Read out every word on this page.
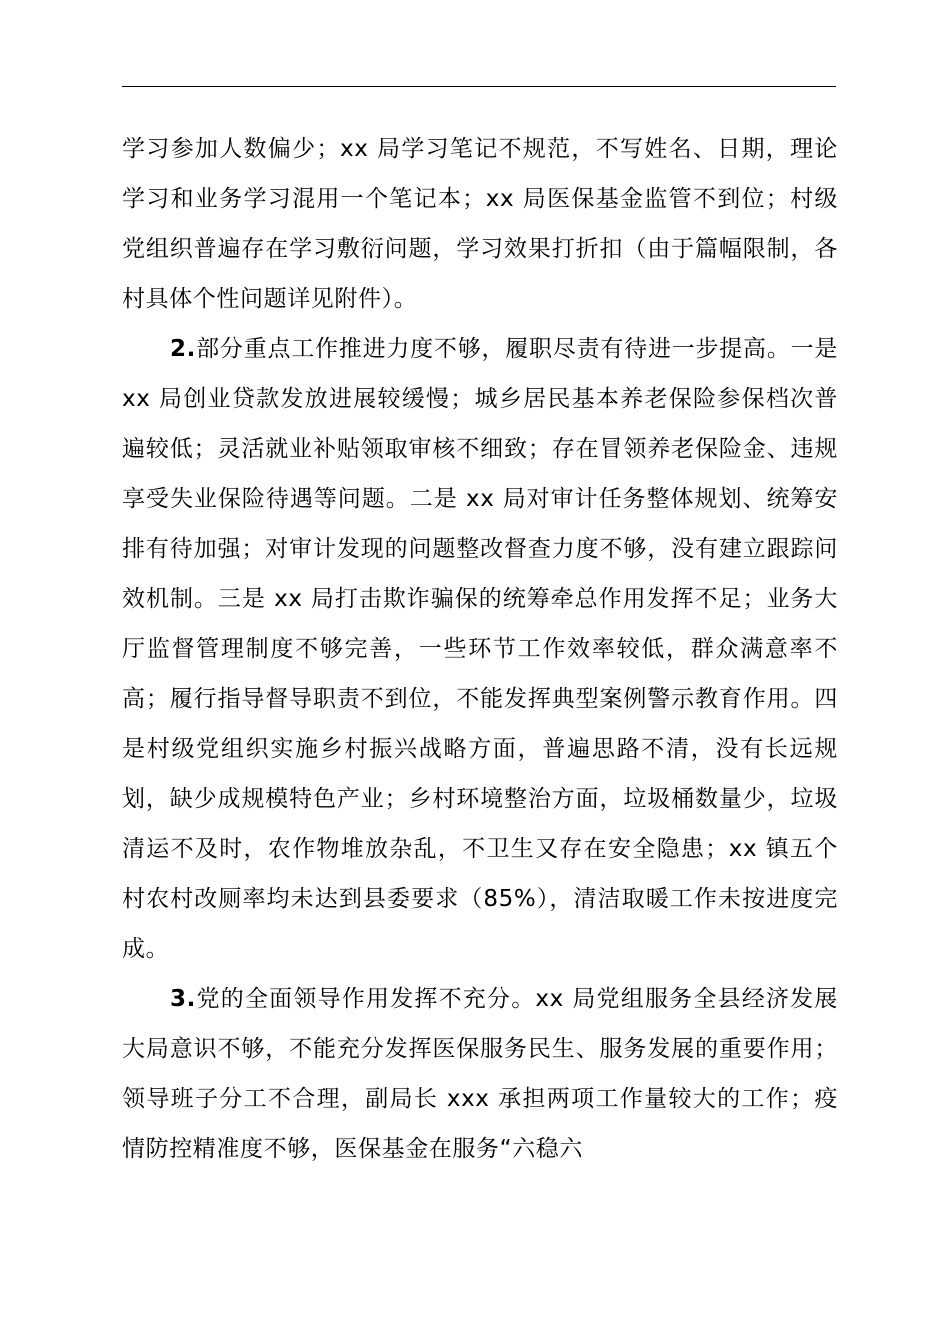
学习参加人数偏少；xx 局学习笔记不规范，不写姓名、日期，理论学习和业务学习混用一个笔记本；xx 局医保基金监管不到位；村级党组织普遍存在学习敷衍问题，学习效果打折扣（由于篇幅限制，各村具体个性问题详见附件）。

2.部分重点工作推进力度不够，履职尽责有待进一步提高。一是 xx 局创业贷款发放进展较缓慢；城乡居民基本养老保险参保档次普遍较低；灵活就业补贴领取审核不细致；存在冒领养老保险金、违规享受失业保险待遇等问题。二是 xx 局对审计任务整体规划、统筹安排有待加强；对审计发现的问题整改督查力度不够，没有建立跟踪问效机制。三是 xx 局打击欺诈骗保的统筹牵总作用发挥不足；业务大厅监督管理制度不够完善，一些环节工作效率较低，群众满意率不高；履行指导督导职责不到位，不能发挥典型案例警示教育作用。四是村级党组织实施乡村振兴战略方面，普遍思路不清，没有长远规划，缺少成规模特色产业；乡村环境整治方面，垃圾桶数量少，垃圾清运不及时，农作物堆放杂乱，不卫生又存在安全隐患；xx 镇五个村农村改厕率均未达到县委要求（85%），清洁取暖工作未按进度完成。

3.党的全面领导作用发挥不充分。xx 局党组服务全县经济发展大局意识不够，不能充分发挥医保服务民生、服务发展的重要作用；领导班子分工不合理，副局长 xxx 承担两项工作量较大的工作；疫情防控精准度不够，医保基金在服务“六稳六
